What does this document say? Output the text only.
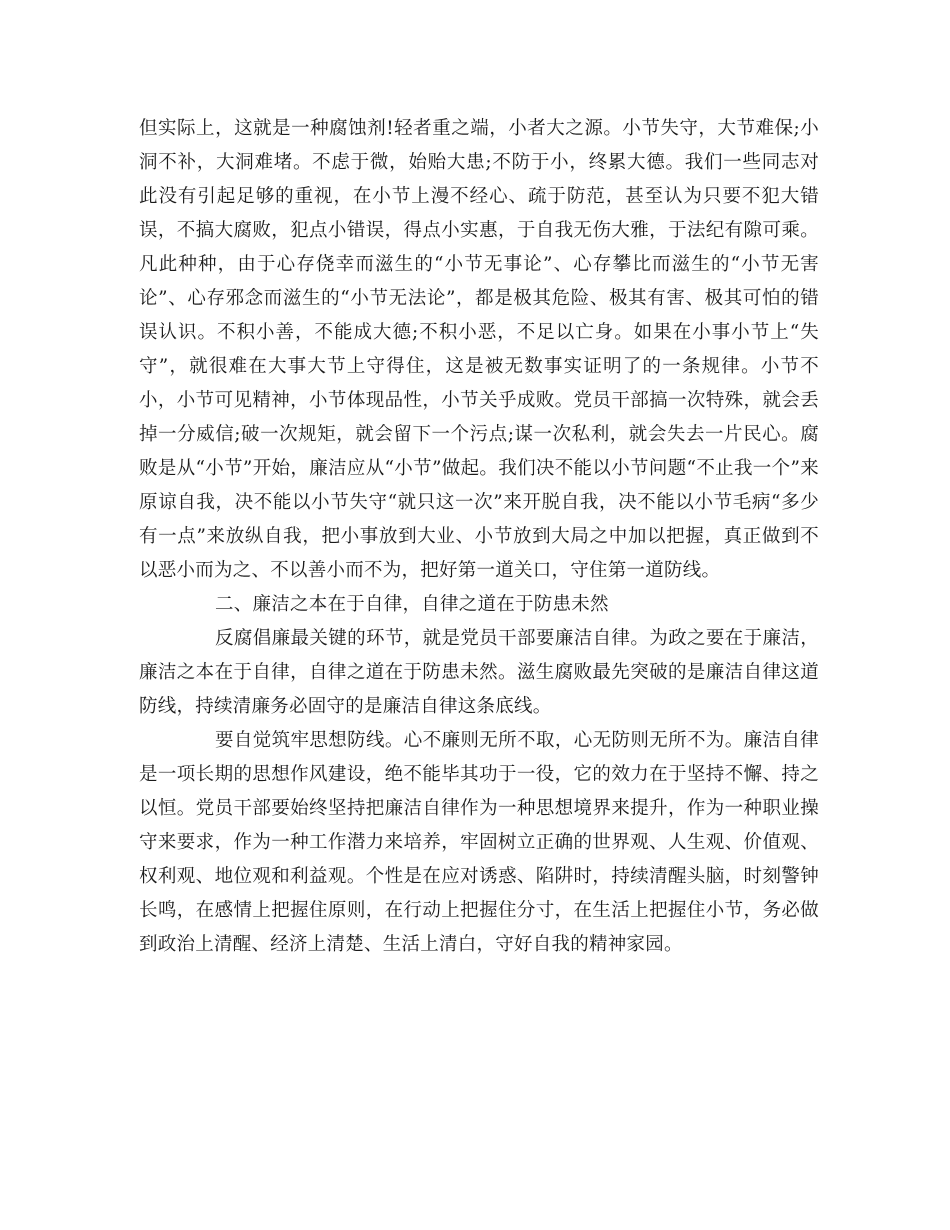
但实际上，这就是一种腐蚀剂!轻者重之端，小者大之源。小节失守，大节难保;小洞不补，大洞难堵。不虑于微，始贻大患;不防于小，终累大德。我们一些同志对此没有引起足够的重视，在小节上漫不经心、疏于防范，甚至认为只要不犯大错误，不搞大腐败，犯点小错误，得点小实惠，于自我无伤大雅，于法纪有隙可乘。凡此种种，由于心存侥幸而滋生的“小节无事论”、心存攀比而滋生的“小节无害论”、心存邪念而滋生的“小节无法论”，都是极其危险、极其有害、极其可怕的错误认识。不积小善，不能成大德;不积小恶，不足以亡身。如果在小事小节上“失守”，就很难在大事大节上守得住，这是被无数事实证明了的一条规律。小节不小，小节可见精神，小节体现品性，小节关乎成败。党员干部搞一次特殊，就会丢掉一分威信;破一次规矩，就会留下一个污点;谋一次私利，就会失去一片民心。腐败是从“小节”开始，廉洁应从“小节”做起。我们决不能以小节问题“不止我一个”来原谅自我，决不能以小节失守“就只这一次”来开脱自我，决不能以小节毛病“多少有一点”来放纵自我，把小事放到大业、小节放到大局之中加以把握，真正做到不以恶小而为之、不以善小而不为，把好第一道关口，守住第一道防线。

二、廉洁之本在于自律，自律之道在于防患未然

反腐倡廉最关键的环节，就是党员干部要廉洁自律。为政之要在于廉洁，廉洁之本在于自律，自律之道在于防患未然。滋生腐败最先突破的是廉洁自律这道防线，持续清廉务必固守的是廉洁自律这条底线。

要自觉筑牢思想防线。心不廉则无所不取，心无防则无所不为。廉洁自律是一项长期的思想作风建设，绝不能毕其功于一役，它的效力在于坚持不懈、持之以恒。党员干部要始终坚持把廉洁自律作为一种思想境界来提升，作为一种职业操守来要求，作为一种工作潜力来培养，牢固树立正确的世界观、人生观、价值观、权利观、地位观和利益观。个性是在应对诱惑、陷阱时，持续清醒头脑，时刻警钟长鸣，在感情上把握住原则，在行动上把握住分寸，在生活上把握住小节，务必做到政治上清醒、经济上清楚、生活上清白，守好自我的精神家园。
